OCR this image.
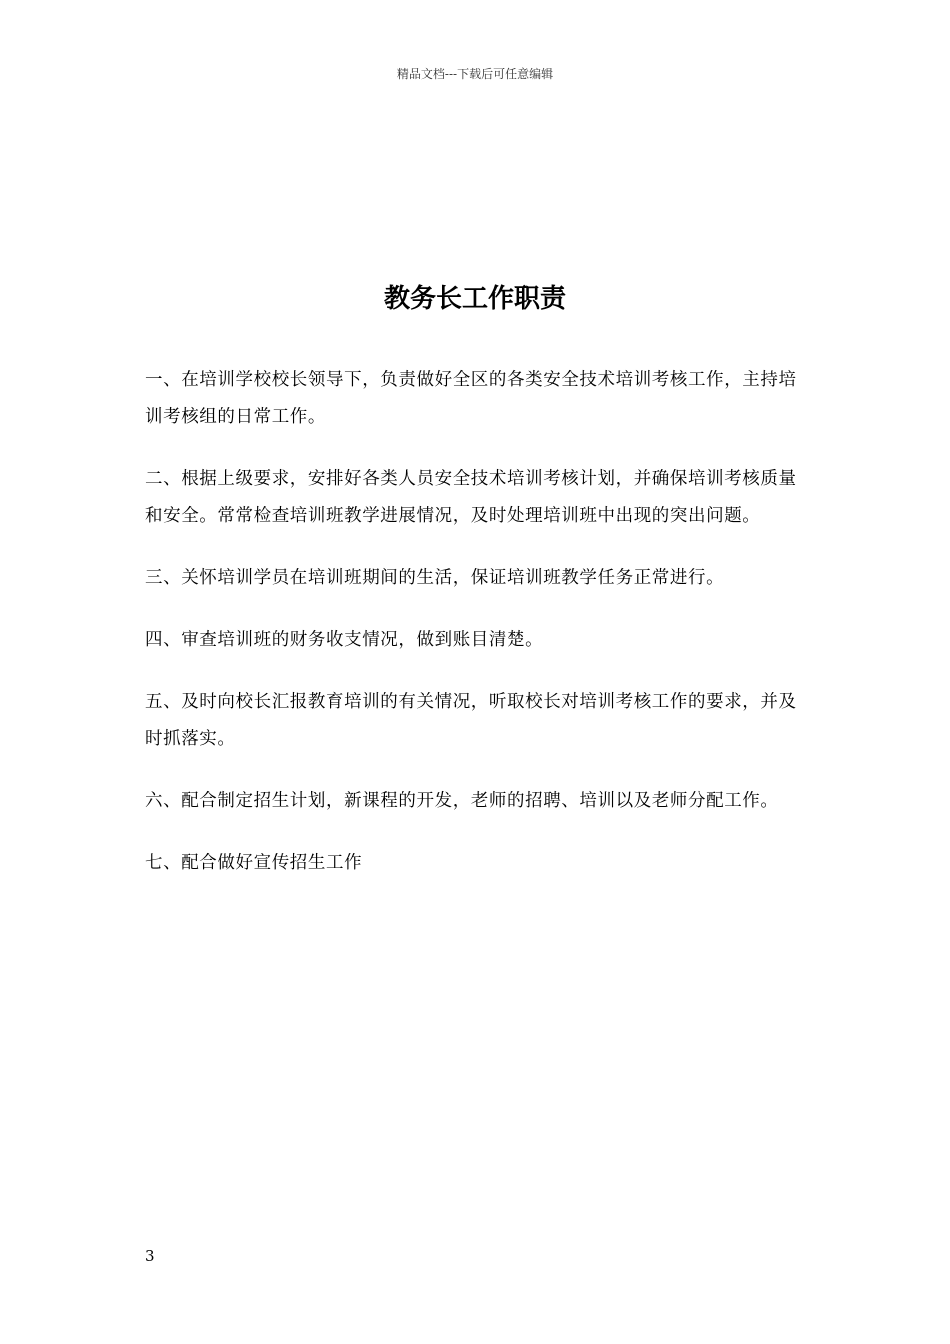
精品文档---下载后可任意编辑
教务长工作职责
一、在培训学校校长领导下，负责做好全区的各类安全技术培训考核工作，主持培训考核组的日常工作。
二、根据上级要求，安排好各类人员安全技术培训考核计划，并确保培训考核质量和安全。常常检查培训班教学进展情况，及时处理培训班中出现的突出问题。
三、关怀培训学员在培训班期间的生活，保证培训班教学任务正常进行。
四、审查培训班的财务收支情况，做到账目清楚。
五、及时向校长汇报教育培训的有关情况，听取校长对培训考核工作的要求，并及时抓落实。
六、配合制定招生计划，新课程的开发，老师的招聘、培训以及老师分配工作。
七、配合做好宣传招生工作
3
